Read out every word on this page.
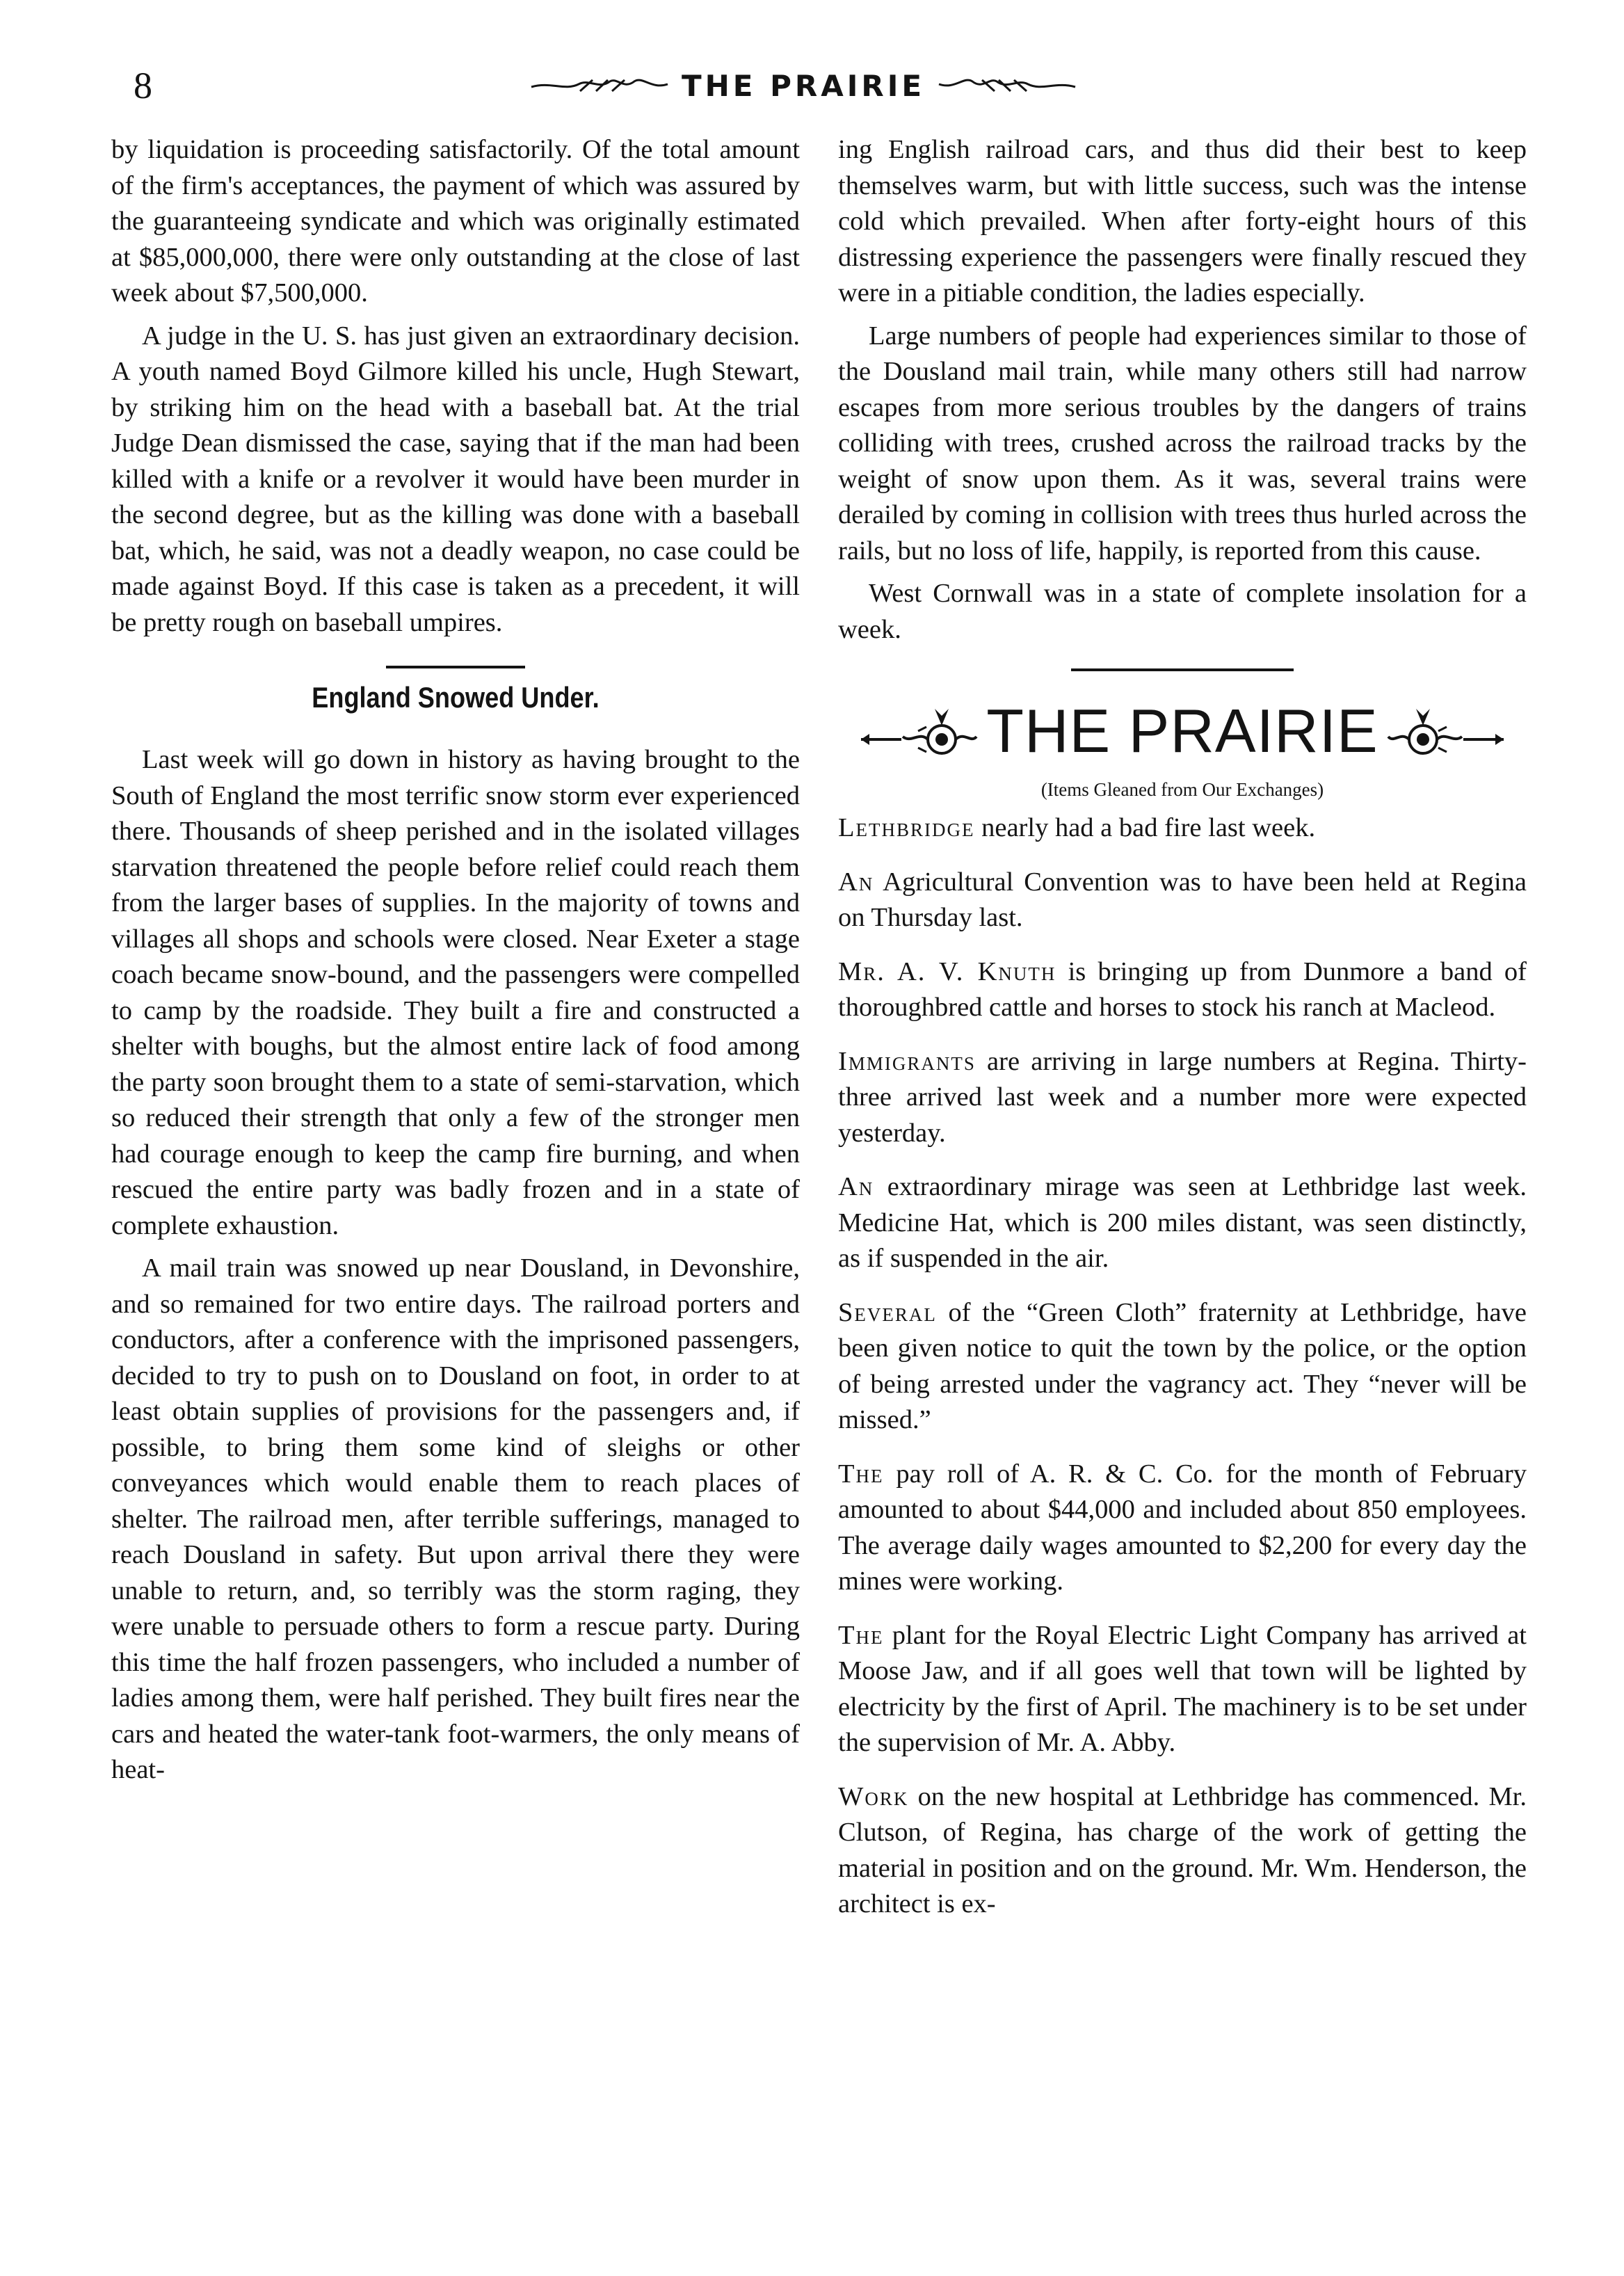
8	THE PRAIRIE

by liquidation is proceeding satisfactorily. Of the total amount of the firm's acceptances, the payment of which was assured by the guaranteeing syndicate and which was originally estimated at $85,000,000, there were only outstanding at the close of last week about $7,500,000.

A judge in the U. S. has just given an extraordinary decision. A youth named Boyd Gilmore killed his uncle, Hugh Stewart, by striking him on the head with a baseball bat. At the trial Judge Dean dismissed the case, saying that if the man had been killed with a knife or a revolver it would have been murder in the second degree, but as the killing was done with a baseball bat, which, he said, was not a deadly weapon, no case could be made against Boyd. If this case is taken as a precedent, it will be pretty rough on baseball umpires.

England Snowed Under.

Last week will go down in history as having brought to the South of England the most terrific snow storm ever experienced there. Thousands of sheep perished and in the isolated villages starvation threatened the people before relief could reach them from the larger bases of supplies. In the majority of towns and villages all shops and schools were closed. Near Exeter a stage coach became snow-bound, and the passengers were compelled to camp by the roadside. They built a fire and constructed a shelter with boughs, but the almost entire lack of food among the party soon brought them to a state of semi-starvation, which so reduced their strength that only a few of the stronger men had courage enough to keep the camp fire burning, and when rescued the entire party was badly frozen and in a state of complete exhaustion.

A mail train was snowed up near Dousland, in Devonshire, and so remained for two entire days. The railroad porters and conductors, after a conference with the imprisoned passengers, decided to try to push on to Dousland on foot, in order to at least obtain supplies of provisions for the passengers and, if possible, to bring them some kind of sleighs or other conveyances which would enable them to reach places of shelter. The railroad men, after terrible sufferings, managed to reach Dousland in safety. But upon arrival there they were unable to return, and, so terribly was the storm raging, they were unable to persuade others to form a rescue party. During this time the half frozen passengers, who included a number of ladies among them, were half perished. They built fires near the cars and heated the water-tank foot-warmers, the only means of heat-

ing English railroad cars, and thus did their best to keep themselves warm, but with little success, such was the intense cold which prevailed. When after forty-eight hours of this distressing experience the passengers were finally rescued they were in a pitiable condition, the ladies especially.

Large numbers of people had experiences similar to those of the Dousland mail train, while many others still had narrow escapes from more serious troubles by the dangers of trains colliding with trees, crushed across the railroad tracks by the weight of snow upon them. As it was, several trains were derailed by coming in collision with trees thus hurled across the rails, but no loss of life, happily, is reported from this cause.

West Cornwall was in a state of complete insolation for a week.

THE PRAIRIE

(Items Gleaned from Our Exchanges)

Lethbridge nearly had a bad fire last week.

An Agricultural Convention was to have been held at Regina on Thursday last.

Mr. A. V. Knuth is bringing up from Dunmore a band of thoroughbred cattle and horses to stock his ranch at Macleod.

Immigrants are arriving in large numbers at Regina. Thirty-three arrived last week and a number more were expected yesterday.

An extraordinary mirage was seen at Lethbridge last week. Medicine Hat, which is 200 miles distant, was seen distinctly, as if suspended in the air.

Several of the “Green Cloth” fraternity at Lethbridge, have been given notice to quit the town by the police, or the option of being arrested under the vagrancy act. They “never will be missed.”

The pay roll of A. R. & C. Co. for the month of February amounted to about $44,000 and included about 850 employees. The average daily wages amounted to $2,200 for every day the mines were working.

The plant for the Royal Electric Light Company has arrived at Moose Jaw, and if all goes well that town will be lighted by electricity by the first of April. The machinery is to be set under the supervision of Mr. A. Abby.

Work on the new hospital at Lethbridge has commenced. Mr. Clutson, of Regina, has charge of the work of getting the material in position and on the ground. Mr. Wm. Henderson, the architect is ex-
